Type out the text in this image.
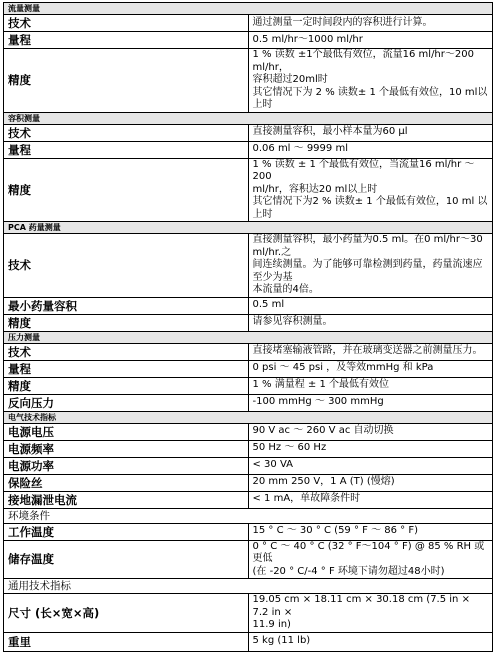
流量测量	
技术	通过测量一定时间段内的容积进行计算。

量程	0.5 ml/hr～1000 ml/hr

精度	1 % 读数 ±1个最低有效位，流量16 ml/hr～200 ml/hr，
容积超过20ml时
其它情况下为 2 % 读数± 1 个最低有效位，10 ml以上时

容积测量	
技术	直接测量容积，最小样本量为60 μl

量程	0.06 ml ～ 9999 ml

精度	1 % 读数 ± 1 个最低有效位，当流量16 ml/hr ～200
ml/hr，容积达20 ml以上时
其它情况下为2 % 读数± 1 个最低有效位，10 ml 以上时

PCA 药量测量	
技术	直接测量容积，最小药量为0.5 ml。在0 ml/hr～30 ml/hr.之
间连续测量。为了能够可靠检测到药量，药量流速应至少为基
本流量的4倍。

最小药量容积	0.5 ml

精度	请参见容积测量。

压力测量	
技术	直接堵塞输液管路，并在玻璃变送器之前测量压力。

量程	0 psi ～ 45 psi ，及等效mmHg 和 kPa

精度	1 % 满量程 ± 1 个最低有效位

反向压力	-100 mmHg ～ 300 mmHg

电气技术指标	
电源电压	90 V ac ～ 260 V ac 自动切换

电源频率	50 Hz ～ 60 Hz

电源功率	< 30 VA

保险丝	20 mm 250 V，1 A (T) (慢熔)

接地漏泄电流	< 1 mA，单故障条件时

环境条件	
工作温度	15 ° C ～ 30 ° C (59 ° F ～ 86 ° F)

储存温度	0 ° C ～ 40 ° C (32 ° F～104 ° F) @ 85 % RH 或更低
(在 -20 ° C/-4 ° F 环境下请勿超过48小时)

通用技术指标	
尺寸 (长×宽×高)	19.05 cm × 18.11 cm × 30.18 cm (7.5 in × 7.2 in ×
11.9 in)

重里	5 kg (11 lb)
